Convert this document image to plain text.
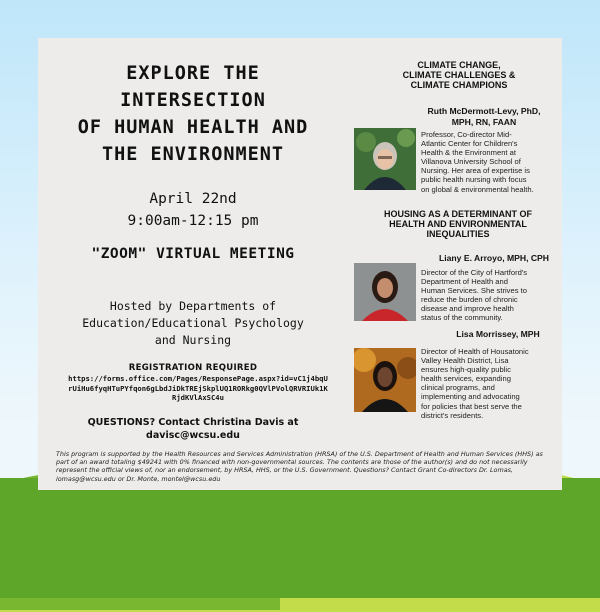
EXPLORE THE
INTERSECTION
OF HUMAN HEALTH AND
THE ENVIRONMENT
April 22nd
9:00am-12:15 pm
"ZOOM" VIRTUAL MEETING
Hosted by Departments of
Education/Educational Psychology
and Nursing
REGISTRATION REQUIRED
https://forms.office.com/Pages/ResponsePage.aspx?id=vC1j4bqUrUiHu6fyqHTuPYfqon6gLbdJiDkTREjSkplUQ1RORkg0QVlPVolQRVRIUk1KRjdKVlAxSC4u
QUESTIONS? Contact Christina Davis at
davisc@wcsu.edu
This program is supported by the Health Resources and Services Administration (HRSA) of the U.S. Department of Health and Human Services (HHS) as part of an award totaling $49241 with 0% financed with non-governmental sources. The contents are those of the author(s) and do not necessarily represent the official views of, nor an endorsement, by HRSA, HHS, or the U.S. Government. Questions? Contact Grant Co-directors Dr. Lomas, lomasg@wcsu.edu or Dr. Monte, montel@wcsu.edu
CLIMATE CHANGE,
CLIMATE CHALLENGES &
CLIMATE CHAMPIONS
Ruth McDermott-Levy, PhD,
MPH, RN, FAAN
Professor, Co-director Mid-
Atlantic Center for Children's
Health & the Environment at
Villanova University School of
Nursing. Her area of expertise is
public health nursing with focus
on global & environmental health.
HOUSING AS A DETERMINANT OF
HEALTH AND ENVIRONMENTAL
INEQUALITIES
Liany E. Arroyo, MPH, CPH
Director of the City of Hartford's
Department of Health and
Human Services. She strives to
reduce the burden of chronic
disease and improve health
status of the community.
Lisa Morrissey, MPH
Director of Health of Housatonic
Valley Health District, Lisa
ensures high-quality public
health services, expanding
clinical programs, and
implementing and advocating
for policies that best serve the
district's residents.
